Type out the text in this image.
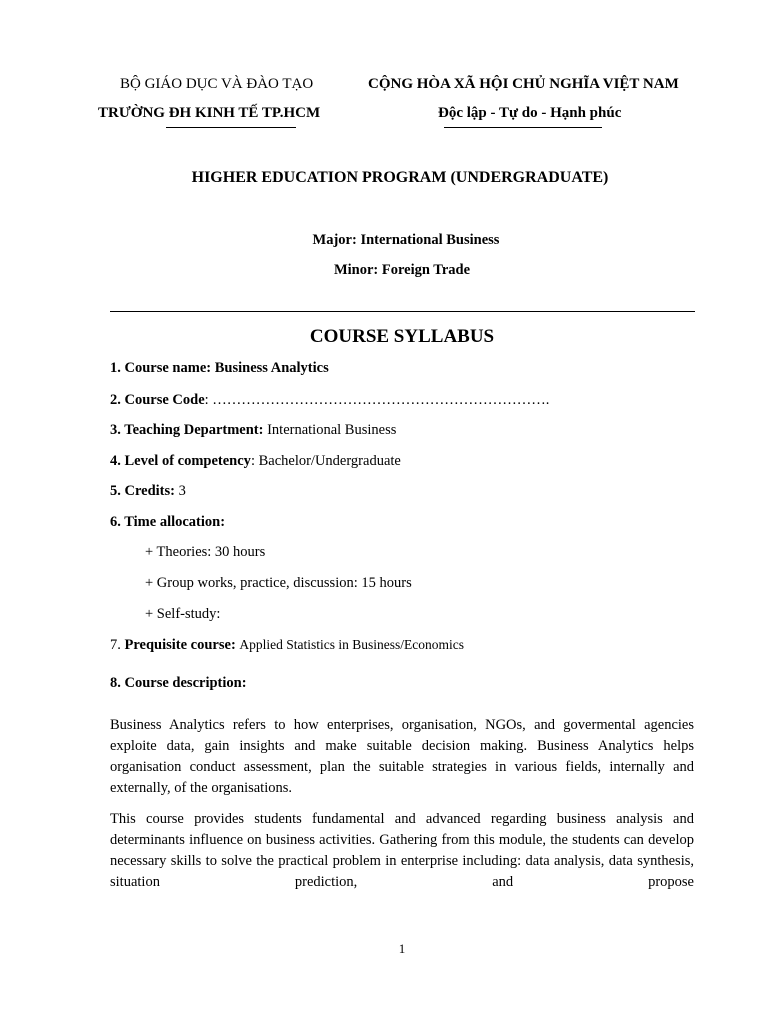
BỘ GIÁO DỤC VÀ ĐÀO TẠO
TRƯỜNG ĐH KINH TẾ TP.HCM
CỘNG HÒA XÃ HỘI CHỦ NGHĨA VIỆT NAM
Độc lập - Tự do - Hạnh phúc
HIGHER EDUCATION PROGRAM (UNDERGRADUATE)
Major: International Business
Minor: Foreign Trade
COURSE SYLLABUS
1. Course name: Business Analytics
2. Course Code: …………………………………………………………….
3. Teaching Department: International Business
4. Level of competency: Bachelor/Undergraduate
5. Credits: 3
6. Time allocation:
+ Theories: 30 hours
+ Group works, practice, discussion: 15 hours
+ Self-study:
7. Prequisite course: Applied Statistics in Business/Economics
8. Course description:
Business Analytics refers to how enterprises, organisation, NGOs, and govermental agencies exploite data, gain insights and make suitable decision making. Business Analytics helps organisation conduct assessment, plan the suitable strategies in various fields, internally and externally, of the organisations.
This course provides students fundamental and advanced regarding business analysis and determinants influence on business activities. Gathering from this module, the students can develop necessary skills to solve the practical problem in enterprise including: data analysis, data synthesis, situation prediction, and propose
1
